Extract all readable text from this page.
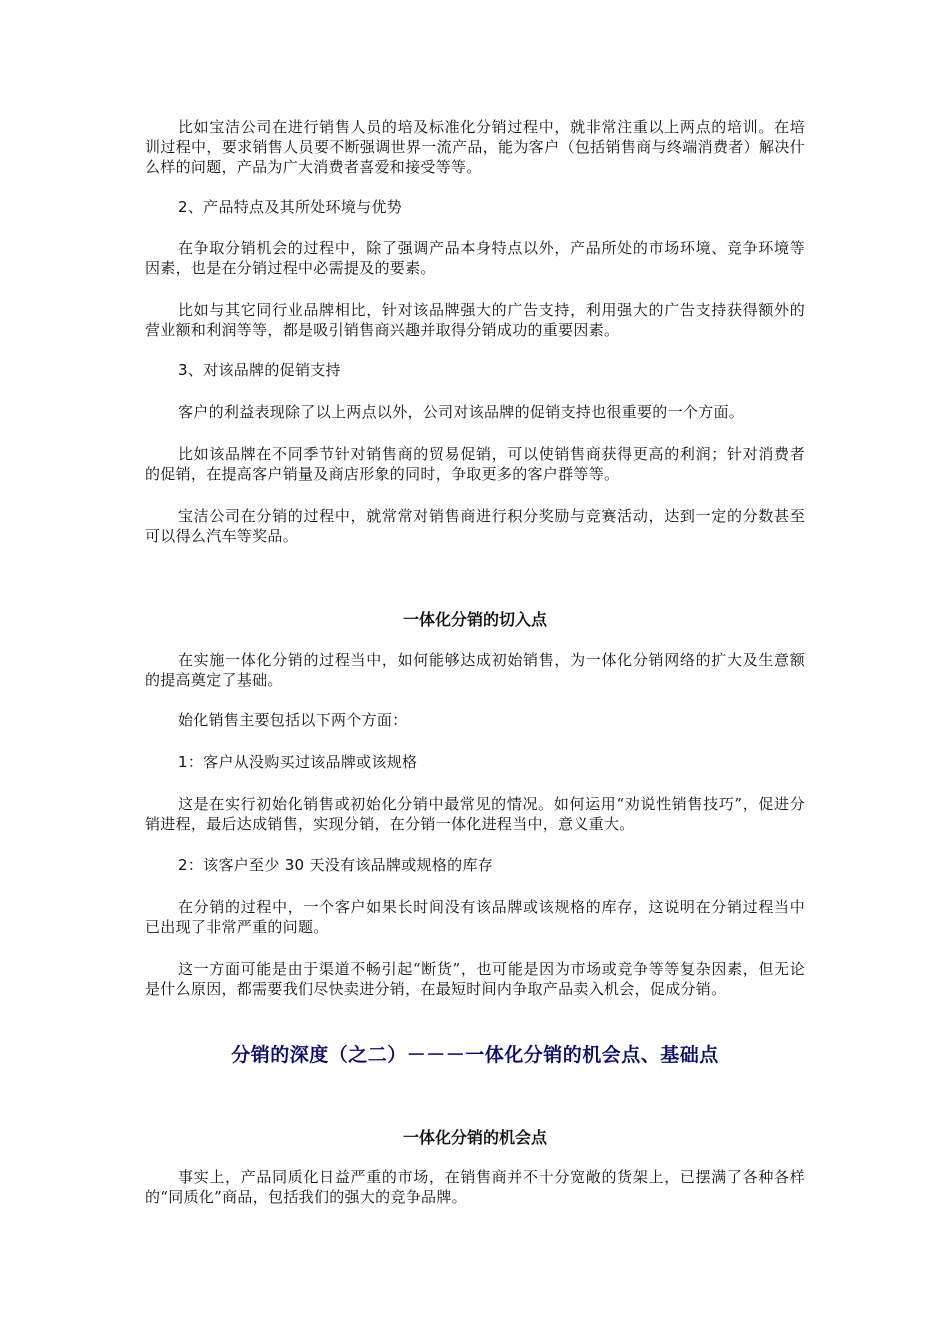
比如宝洁公司在进行销售人员的培及标准化分销过程中，就非常注重以上两点的培训。在培训过程中，要求销售人员要不断强调世界一流产品，能为客户（包括销售商与终端消费者）解决什么样的问题，产品为广大消费者喜爱和接受等等。

2、产品特点及其所处环境与优势

在争取分销机会的过程中，除了强调产品本身特点以外，产品所处的市场环境、竞争环境等因素，也是在分销过程中必需提及的要素。

比如与其它同行业品牌相比，针对该品牌强大的广告支持，利用强大的广告支持获得额外的营业额和利润等等，都是吸引销售商兴趣并取得分销成功的重要因素。

3、对该品牌的促销支持

客户的利益表现除了以上两点以外，公司对该品牌的促销支持也很重要的一个方面。

比如该品牌在不同季节针对销售商的贸易促销，可以使销售商获得更高的利润；针对消费者的促销，在提高客户销量及商店形象的同时，争取更多的客户群等等。

宝洁公司在分销的过程中，就常常对销售商进行积分奖励与竞赛活动，达到一定的分数甚至可以得么汽车等奖品。

一体化分销的切入点

在实施一体化分销的过程当中，如何能够达成初始销售，为一体化分销网络的扩大及生意额的提高奠定了基础。

始化销售主要包括以下两个方面：

1：客户从没购买过该品牌或该规格

这是在实行初始化销售或初始化分销中最常见的情况。如何运用“劝说性销售技巧”，促进分销进程，最后达成销售，实现分销，在分销一体化进程当中，意义重大。

2：该客户至少 30 天没有该品牌或规格的库存

在分销的过程中，一个客户如果长时间没有该品牌或该规格的库存，这说明在分销过程当中已出现了非常严重的问题。

这一方面可能是由于渠道不畅引起“断货”，也可能是因为市场或竞争等等复杂因素，但无论是什么原因，都需要我们尽快卖进分销，在最短时间内争取产品卖入机会，促成分销。

分销的深度（之二）－－－一体化分销的机会点、基础点
一体化分销的机会点

事实上，产品同质化日益严重的市场，在销售商并不十分宽敞的货架上，已摆满了各种各样的“同质化”商品，包括我们的强大的竞争品牌。
